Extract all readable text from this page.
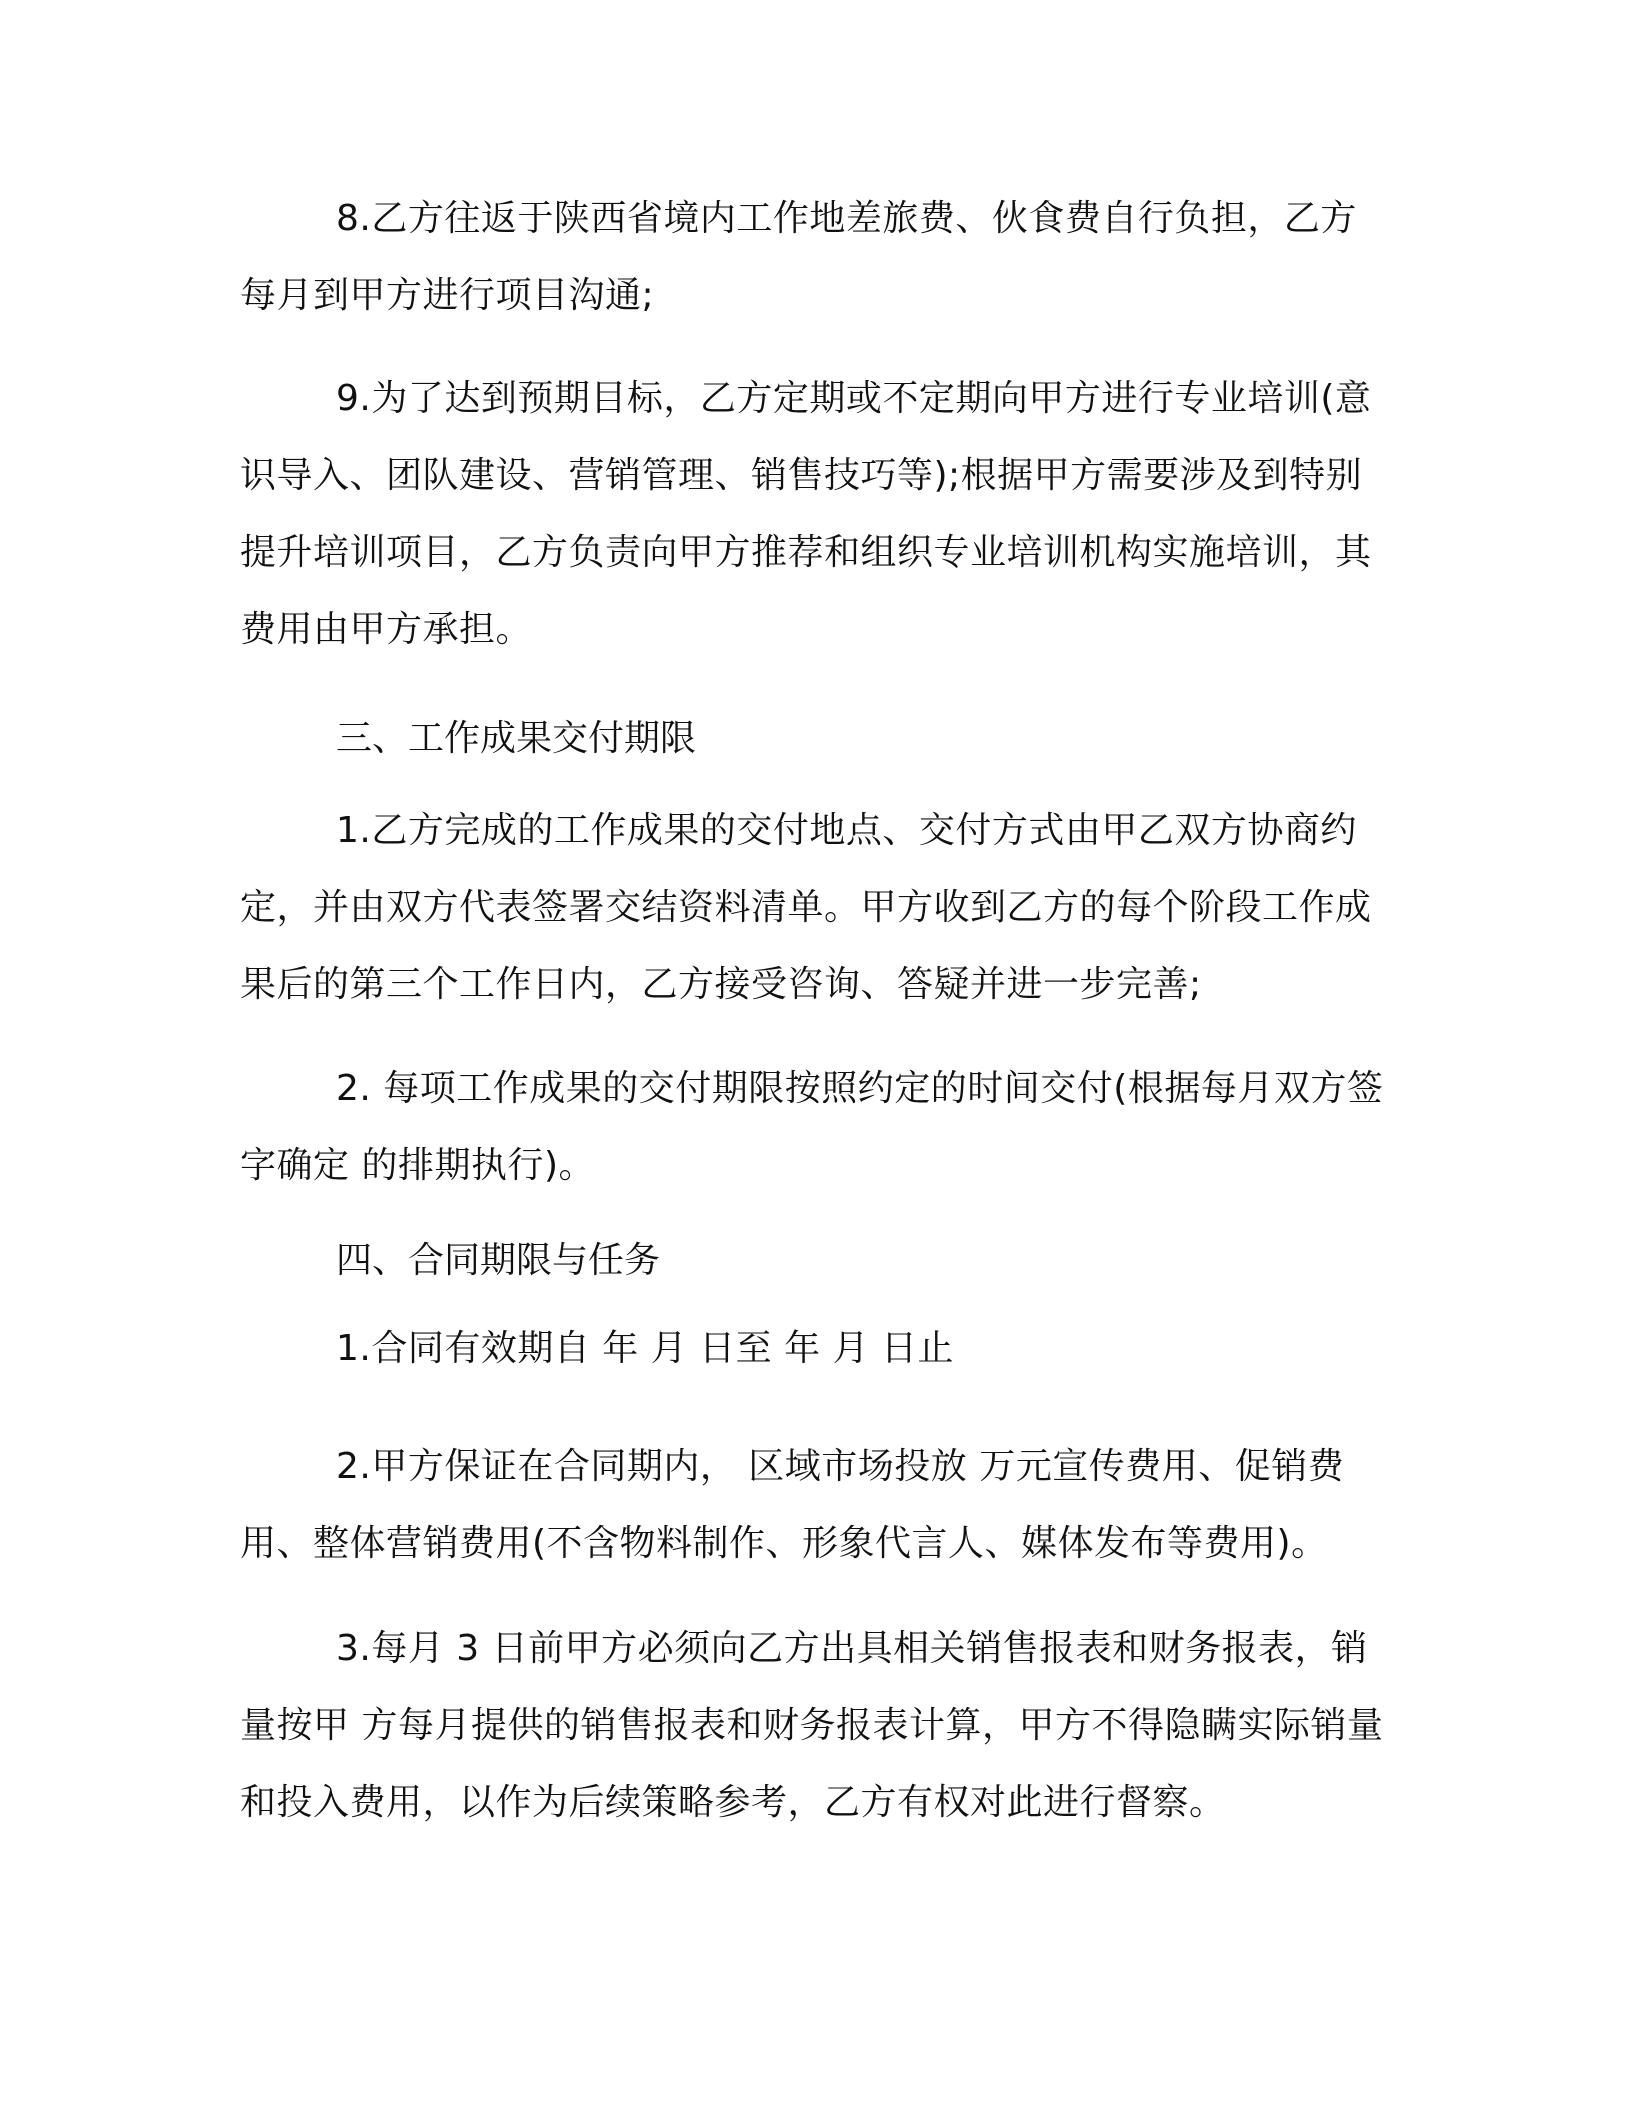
8.乙方往返于陕西省境内工作地差旅费、伙食费自行负担，乙方每月到甲方进行项目沟通;

9.为了达到预期目标，乙方定期或不定期向甲方进行专业培训(意识导入、团队建设、营销管理、销售技巧等);根据甲方需要涉及到特别提升培训项目，乙方负责向甲方推荐和组织专业培训机构实施培训，其费用由甲方承担。

三、工作成果交付期限

1.乙方完成的工作成果的交付地点、交付方式由甲乙双方协商约定，并由双方代表签署交结资料清单。甲方收到乙方的每个阶段工作成果后的第三个工作日内，乙方接受咨询、答疑并进一步完善;

2. 每项工作成果的交付期限按照约定的时间交付(根据每月双方签字确定 的排期执行)。

四、合同期限与任务

1.合同有效期自 年 月 日至 年 月 日止

2.甲方保证在合同期内， 区域市场投放 万元宣传费用、促销费用、整体营销费用(不含物料制作、形象代言人、媒体发布等费用)。

3.每月 3 日前甲方必须向乙方出具相关销售报表和财务报表，销量按甲 方每月提供的销售报表和财务报表计算，甲方不得隐瞒实际销量和投入费用，以作为后续策略参考，乙方有权对此进行督察。
